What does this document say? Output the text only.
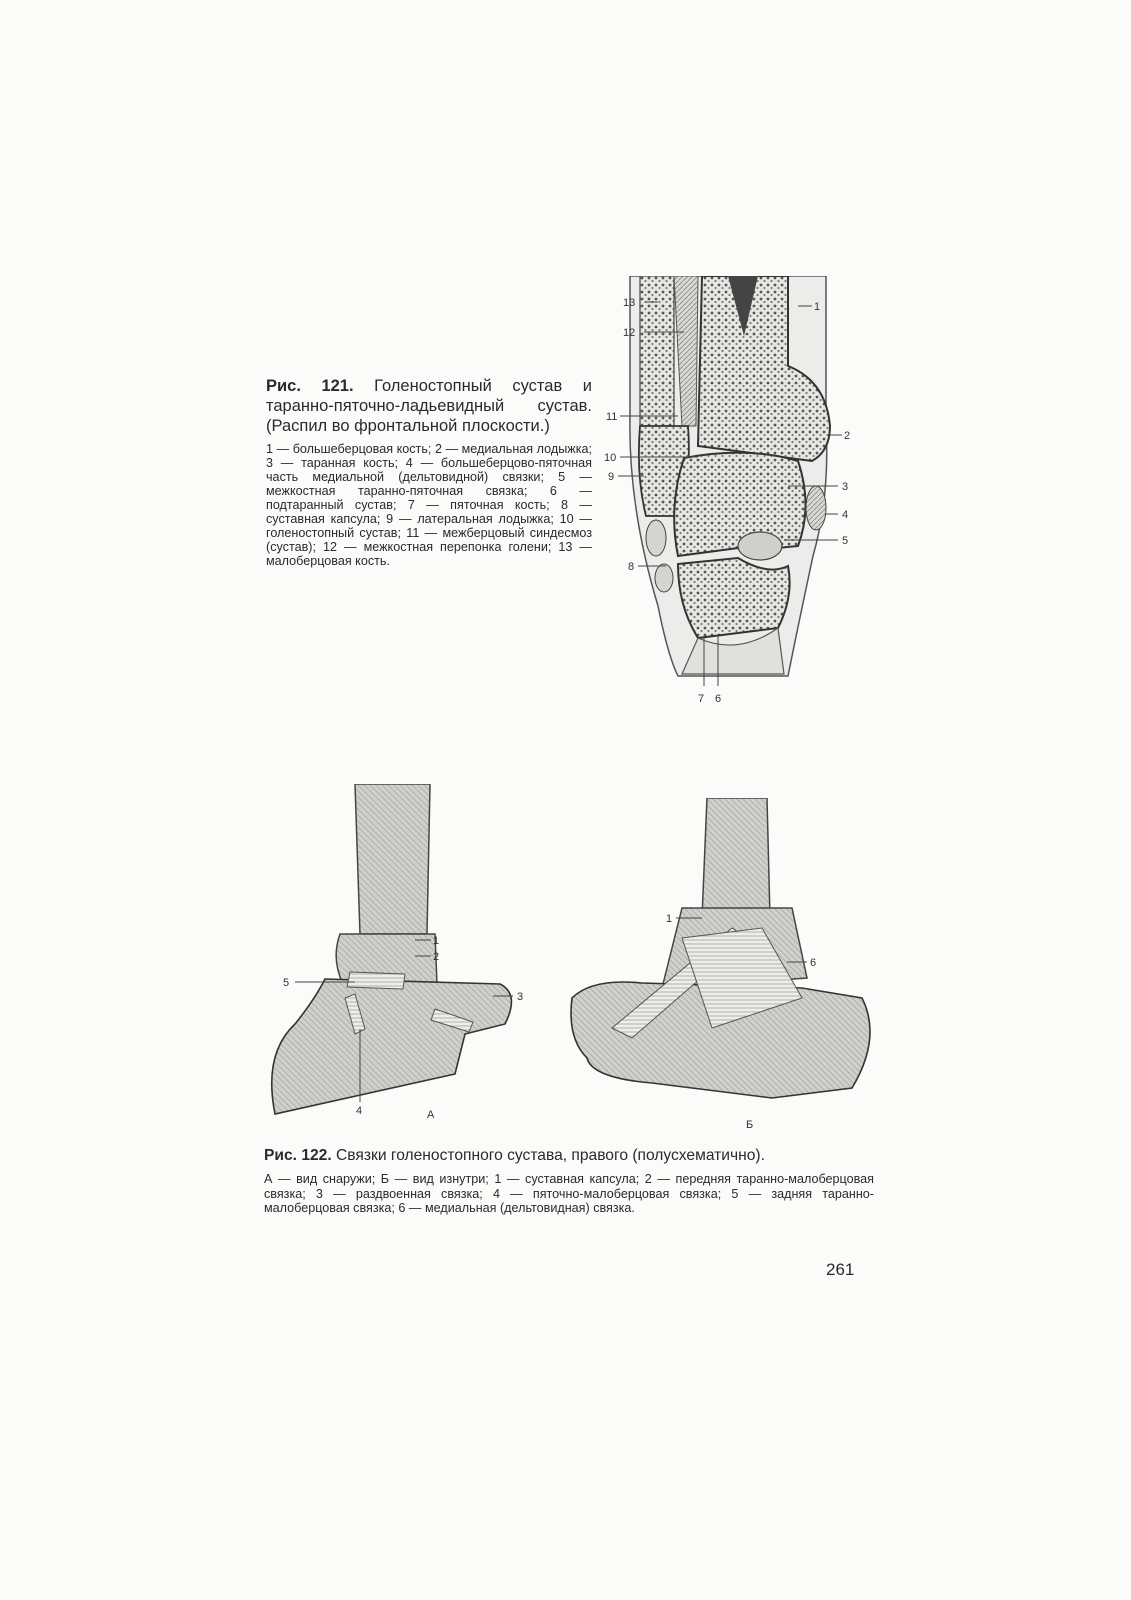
Рис. 121. Голеностопный сустав и таранно-пяточно-ладьевидный сустав. (Распил во фронтальной плоскости.)

1 — большеберцовая кость; 2 — медиальная лодыжка; 3 — таранная кость; 4 — большеберцово-пяточная часть медиальной (дельтовидной) связки; 5 — межкостная таранно-пяточная связка; 6 — подтаранный сустав; 7 — пяточная кость; 8 — суставная капсула; 9 — латеральная лодыжка; 10 — голеностопный сустав; 11 — межберцовый синдесмоз (сустав); 12 — межкостная перепонка голени; 13 — малоберцовая кость.

13
12
1
11
2
10
9
3
4
5
8
7 6
1
2
5
3
4	А
1
6
Б

Рис. 122. Связки голеностопного сустава, правого (полусхематично).

А — вид снаружи; Б — вид изнутри; 1 — суставная капсула; 2 — передняя таранно-малоберцовая связка; 3 — раздвоенная связка; 4 — пяточно-малоберцовая связка; 5 — задняя таранно-малоберцовая связка; 6 — медиальная (дельтовидная) связка.

261
